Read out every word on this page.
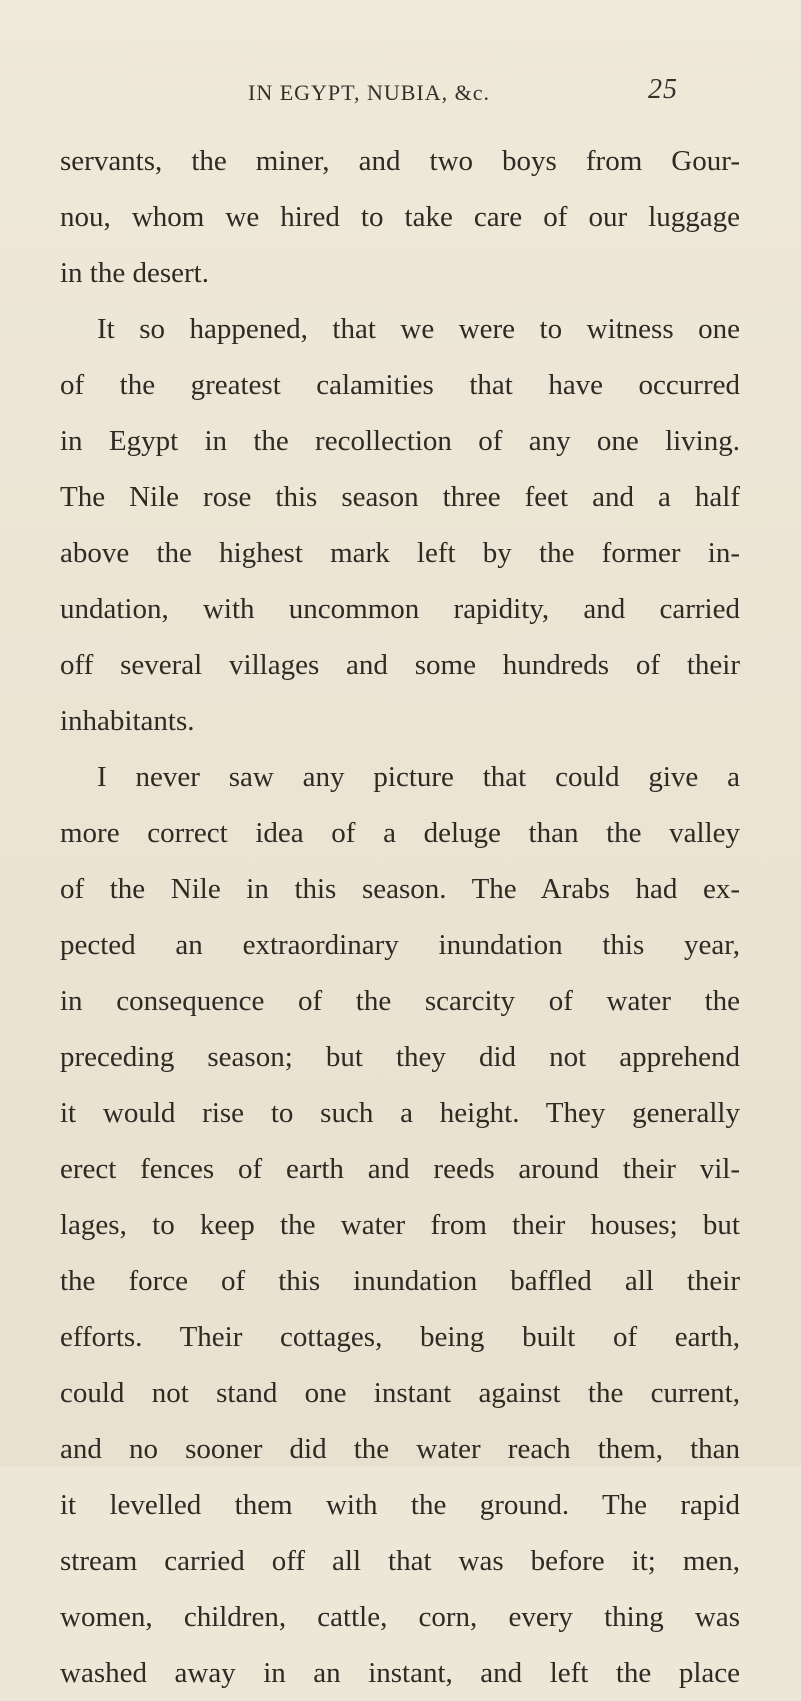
IN EGYPT, NUBIA, &c.	25
servants, the miner, and two boys from Gour-
nou, whom we hired to take care of our luggage
in the desert.
It so happened, that we were to witness one
of the greatest calamities that have occurred
in Egypt in the recollection of any one living.
The Nile rose this season three feet and a half
above the highest mark left by the former in-
undation, with uncommon rapidity, and carried
off several villages and some hundreds of their
inhabitants.
I never saw any picture that could give a
more correct idea of a deluge than the valley
of the Nile in this season. The Arabs had ex-
pected an extraordinary inundation this year,
in consequence of the scarcity of water the
preceding season; but they did not apprehend
it would rise to such a height. They generally
erect fences of earth and reeds around their vil-
lages, to keep the water from their houses; but
the force of this inundation baffled all their
efforts. Their cottages, being built of earth,
could not stand one instant against the current,
and no sooner did the water reach them, than
it levelled them with the ground. The rapid
stream carried off all that was before it; men,
women, children, cattle, corn, every thing was
washed away in an instant, and left the place
